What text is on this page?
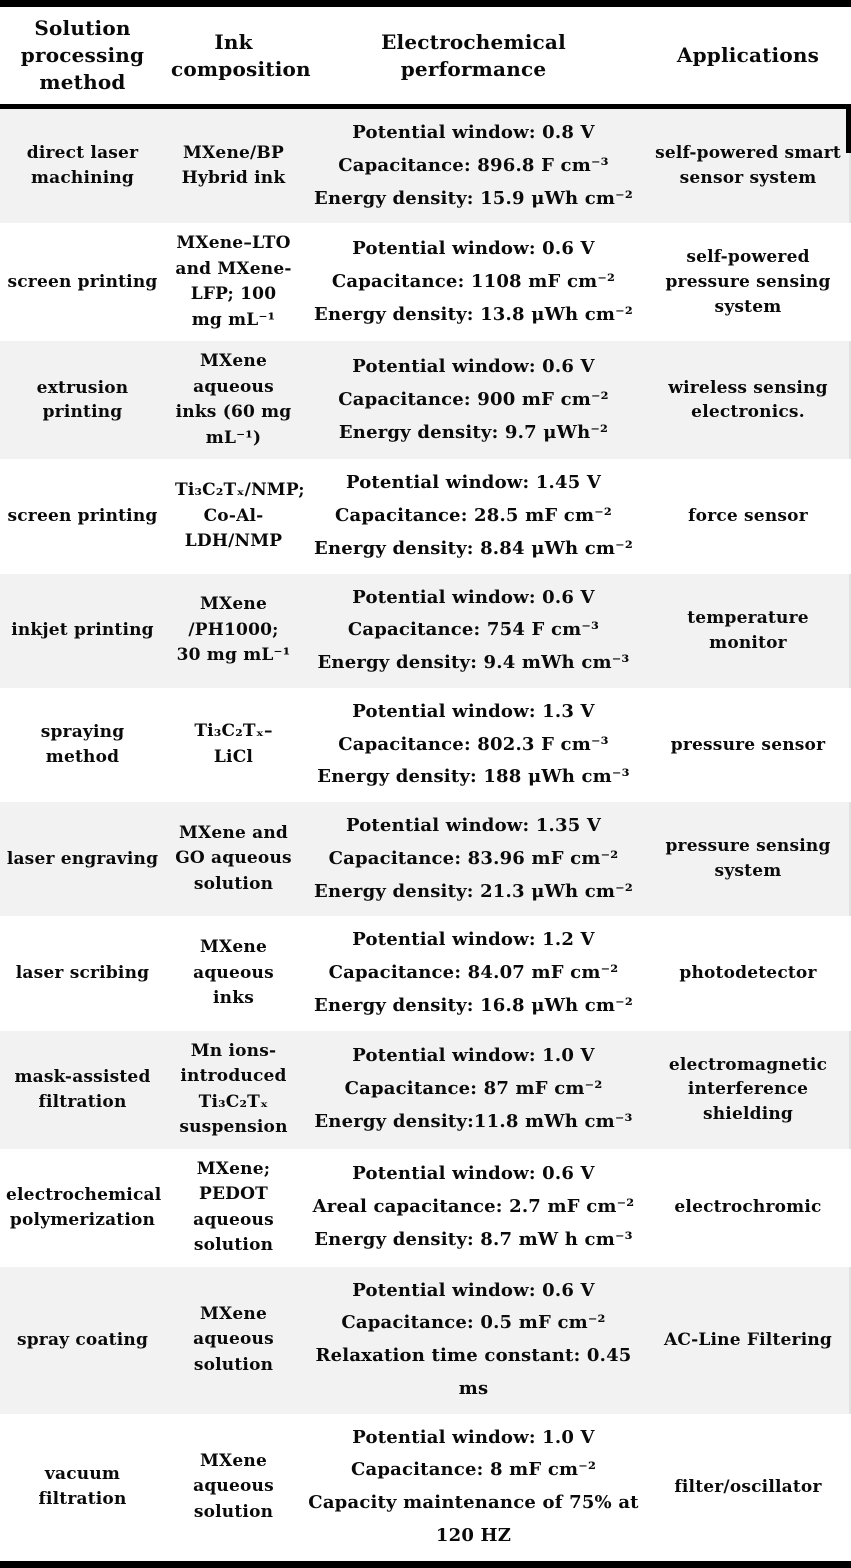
Solution processing method	Ink composition	Electrochemical performance	Applications
direct laser machining	MXene/BP Hybrid ink	Potential window: 0.8 V
Capacitance: 896.8 F cm⁻³
Energy density: 15.9 μWh cm⁻²	self-powered smart sensor system
screen printing	MXene–LTO and MXene-LFP; 100 mg mL⁻¹	Potential window: 0.6 V
Capacitance: 1108 mF cm⁻²
Energy density: 13.8 μWh cm⁻²	self-powered pressure sensing system
extrusion printing	MXene aqueous inks (60 mg mL⁻¹)	Potential window: 0.6 V
Capacitance: 900 mF cm⁻²
Energy density: 9.7 μWh⁻²	wireless sensing electronics.
screen printing	Ti₃C₂Tₓ/NMP; Co-Al-LDH/NMP	Potential window: 1.45 V
Capacitance: 28.5 mF cm⁻²
Energy density: 8.84 μWh cm⁻²	force sensor
inkjet printing	MXene /PH1000; 30 mg mL⁻¹	Potential window: 0.6 V
Capacitance: 754 F cm⁻³
Energy density: 9.4 mWh cm⁻³	temperature monitor
spraying method	Ti₃C₂Tₓ–LiCl	Potential window: 1.3 V
Capacitance: 802.3 F cm⁻³
Energy density: 188 μWh cm⁻³	pressure sensor
laser engraving	MXene and GO aqueous solution	Potential window: 1.35 V
Capacitance: 83.96 mF cm⁻²
Energy density: 21.3 μWh cm⁻²	pressure sensing system
laser scribing	MXene aqueous inks	Potential window: 1.2 V
Capacitance: 84.07 mF cm⁻²
Energy density: 16.8 μWh cm⁻²	photodetector
mask-assisted filtration	Mn ions-introduced Ti₃C₂Tₓ suspension	Potential window: 1.0 V
Capacitance: 87 mF cm⁻²
Energy density:11.8 mWh cm⁻³	electromagnetic interference shielding
electrochemical polymerization	MXene; PEDOT aqueous solution	Potential window: 0.6 V
Areal capacitance: 2.7 mF cm⁻²
Energy density: 8.7 mW h cm⁻³	electrochromic
spray coating	MXene aqueous solution	Potential window: 0.6 V
Capacitance: 0.5 mF cm⁻²
Relaxation time constant: 0.45 ms	AC-Line Filtering
vacuum filtration	MXene aqueous solution	Potential window: 1.0 V
Capacitance: 8 mF cm⁻²
Capacity maintenance of 75% at 120 HZ	filter/oscillator
